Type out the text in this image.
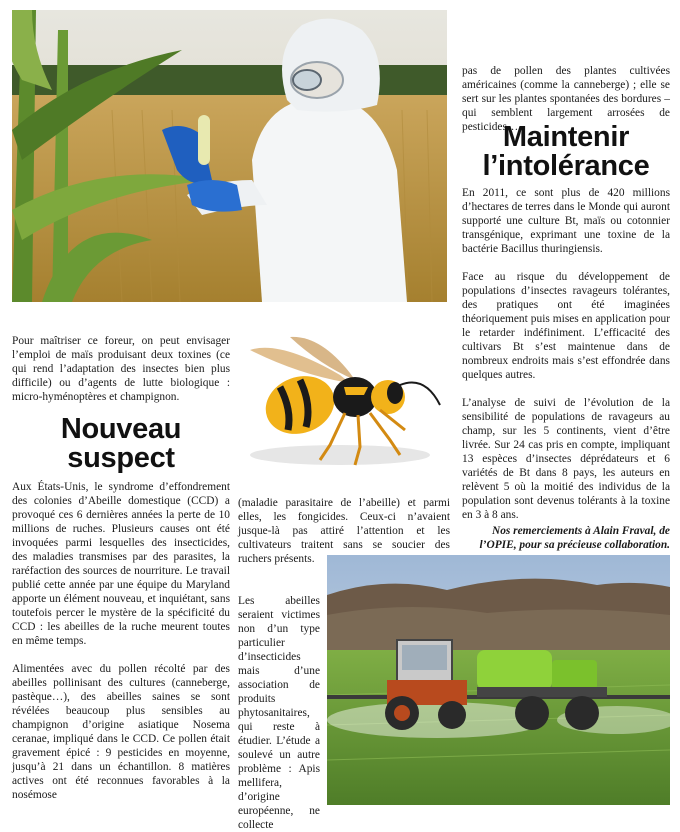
pas de pollen des plantes cultivées américaines (comme la canneberge) ; elle se sert sur les plantes spontanées des bordures – qui semblent largement arrosées de pesticides…

Maintenir
l’intolérance

En 2011, ce sont plus de 420 millions d’hectares de terres dans le Monde qui auront supporté une culture Bt, maïs ou cotonnier transgénique, exprimant une toxine de la bactérie Bacillus thuringiensis.

Face au risque du développement de populations d’insectes ravageurs tolérantes, des pratiques ont été imaginées théoriquement puis mises en application pour le retarder indéfiniment. L’efficacité des cultivars Bt s’est maintenue dans de nombreux endroits mais s’est effondrée dans quelques autres.

L’analyse de suivi de l’évolution de la sensibilité de populations de ravageurs au champ, sur les 5 continents, vient d’être livrée. Sur 24 cas pris en compte, impliquant 13 espèces d’insectes déprédateurs et 6 variétés de Bt dans 8 pays, les auteurs en relèvent 5 où la moitié des individus de la population sont devenus tolérants à la toxine en 3 à 8 ans.

Nos remerciements à Alain Fraval, de l’OPIE, pour sa précieuse collaboration.

Pour maîtriser ce foreur, on peut envisager l’emploi de maïs produisant deux toxines (ce qui rend l’adaptation des insectes bien plus difficile) ou d’agents de lutte biologique : micro-hyménoptères et champignon.

Nouveau
suspect

Aux États-Unis, le syndrome d’effondrement des colonies d’Abeille domestique (CCD) a provoqué ces 6 dernières années la perte de 10 millions de ruches. Plusieurs causes ont été invoquées parmi lesquelles des insecticides, des maladies transmises par des parasites, la raréfaction des sources de nourriture. Le travail publié cette année par une équipe du Maryland apporte un élément nouveau, et inquiétant, sans toutefois percer le mystère de la spécificité du CCD : les abeilles de la ruche meurent toutes en même temps.

Alimentées avec du pollen récolté par des abeilles pollinisant des cultures (canneberge, pastèque…), des abeilles saines se sont révélées beaucoup plus sensibles au champignon d’origine asiatique Nosema ceranae, impliqué dans le CCD. Ce pollen était gravement épicé : 9 pesticides en moyenne, jusqu’à 21 dans un échantillon. 8 matières actives ont été reconnues favorables à la nosémose

(maladie parasitaire de l’abeille) et parmi elles, les fongicides. Ceux-ci n’avaient jusque-là pas attiré l’attention et les cultivateurs traitent sans se soucier des ruchers présents.

Les abeilles seraient victimes non d’un type particulier d’insecticides mais d’une association de produits phytosanitaires, qui reste à étudier. L’étude a soulevé un autre problème : Apis mellifera, d’origine européenne, ne collecte
